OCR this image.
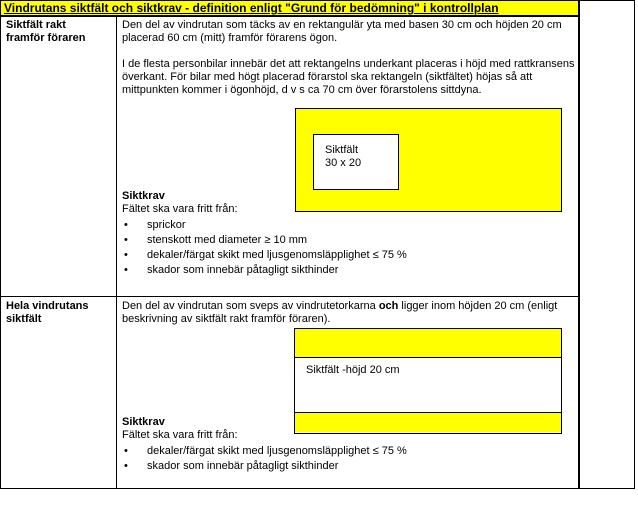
Vindrutans siktfält och siktkrav - definition enligt "Grund för bedömning" i kontrollplan
Siktfält rakt
framför föraren
Den del av vindrutan som täcks av en rektangulär yta med basen 30 cm och höjden 20 cm placerad 60 cm (mitt) framför förarens ögon.
I de flesta personbilar innebär det att rektangelns underkant placeras i höjd med rattkransens överkant. För bilar med högt placerad förarstol ska rektangeln (siktfältet) höjas så att mittpunkten kommer i ögonhöjd, d v s ca 70 cm över förarstolens sittdyna.
Siktfält
30 x 20
Siktkrav
Fältet ska vara fritt från:
• sprickor
• stenskott med diameter ≥ 10 mm
• dekaler/färgat skikt med ljusgenomsläpplighet ≤ 75 %
• skador som innebär påtagligt sikthinder
Hela vindrutans
siktfält
Den del av vindrutan som sveps av vindrutetorkarna och ligger inom höjden 20 cm (enligt beskrivning av siktfält rakt framför föraren).
Siktfält -höjd 20 cm
Siktkrav
Fältet ska vara fritt från:
• dekaler/färgat skikt med ljusgenomsläpplighet ≤ 75 %
• skador som innebär påtagligt sikthinder
